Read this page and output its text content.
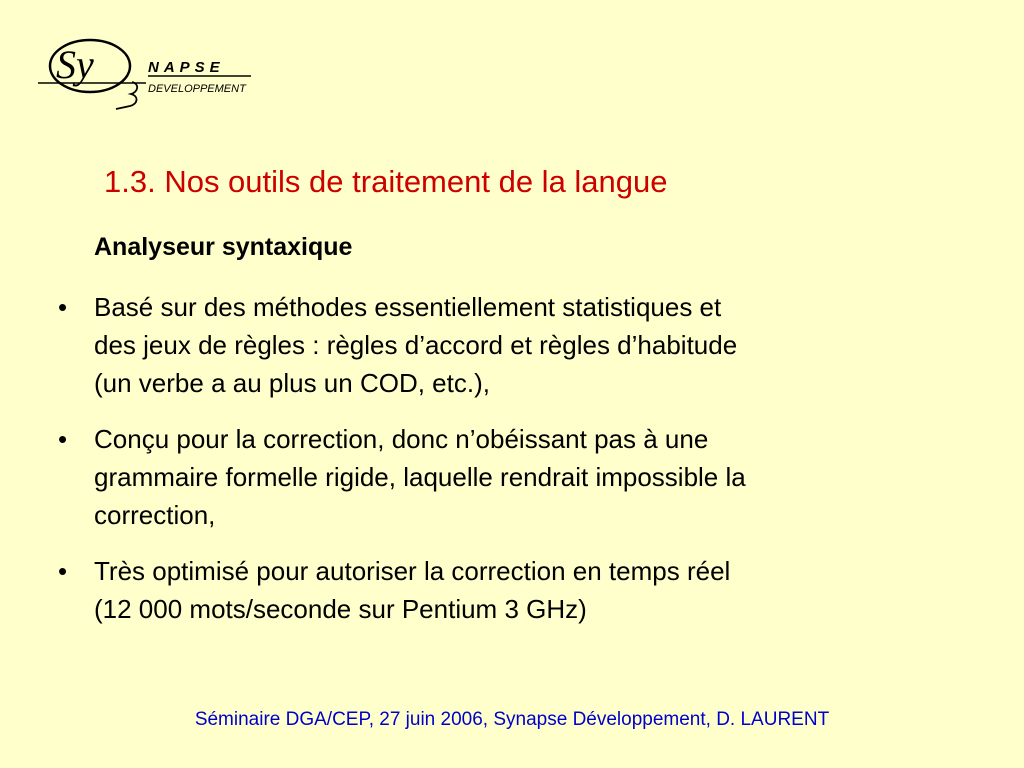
Sy	NAPSE
DEVELOPPEMENT
1.3. Nos outils de traitement de la langue
Analyseur syntaxique
• Basé sur des méthodes essentiellement statistiques et
des jeux de règles : règles d’accord et règles d’habitude
(un verbe a au plus un COD, etc.),
• Conçu pour la correction, donc n’obéissant pas à une
grammaire formelle rigide, laquelle rendrait impossible la
correction,
• Très optimisé pour autoriser la correction en temps réel
(12 000 mots/seconde sur Pentium 3 GHz)
Séminaire DGA/CEP, 27 juin 2006, Synapse Développement, D. LAURENT
